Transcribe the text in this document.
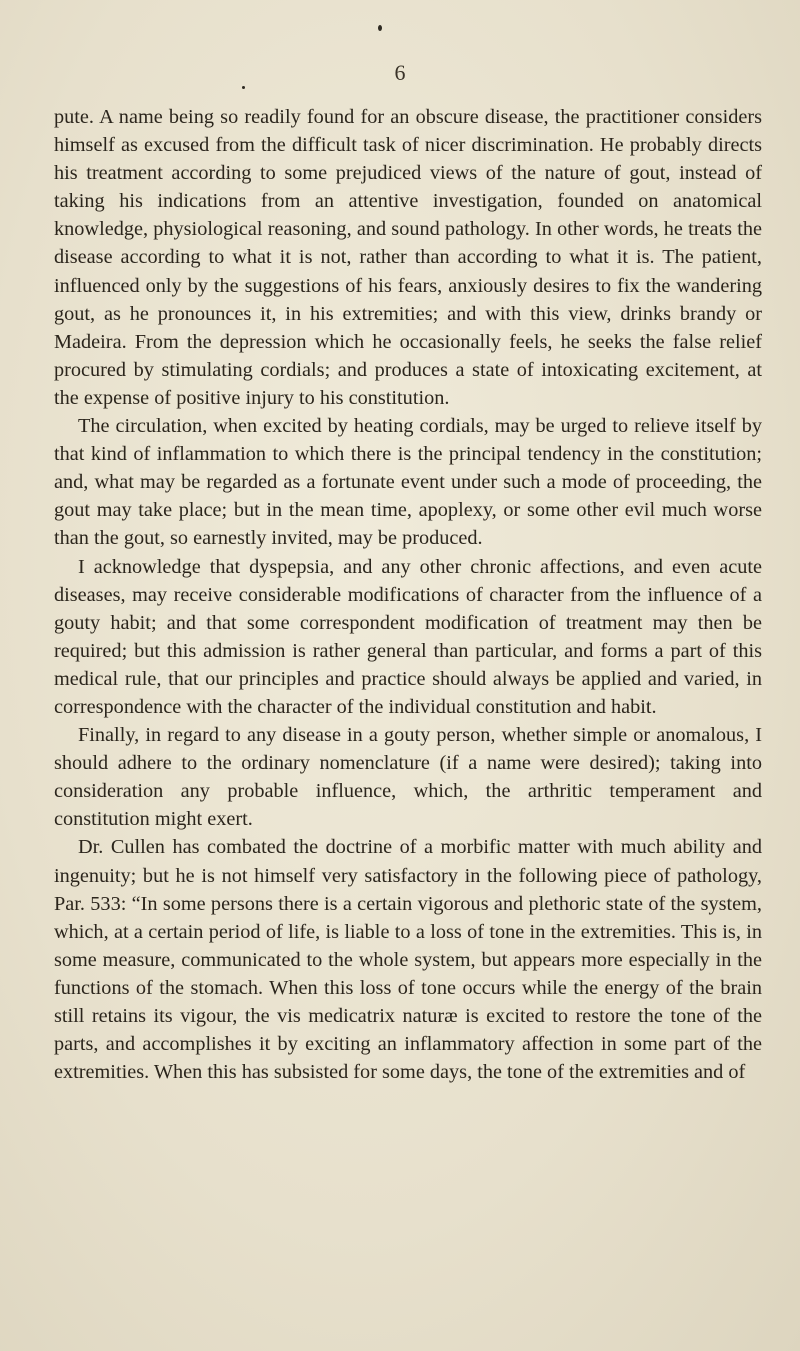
6

pute. A name being so readily found for an obscure disease, the practitioner considers himself as excused from the difficult task of nicer discrimination. He probably directs his treatment according to some prejudiced views of the nature of gout, instead of taking his indications from an attentive investigation, founded on anatomical knowledge, physiological reasoning, and sound pathology. In other words, he treats the disease according to what it is not, rather than according to what it is. The patient, influenced only by the suggestions of his fears, anxiously desires to fix the wandering gout, as he pronounces it, in his extremities; and with this view, drinks brandy or Madeira. From the depression which he occasionally feels, he seeks the false relief procured by stimulating cordials; and produces a state of intoxicating excitement, at the expense of positive injury to his constitution.

The circulation, when excited by heating cordials, may be urged to relieve itself by that kind of inflammation to which there is the principal tendency in the constitution; and, what may be regarded as a fortunate event under such a mode of proceeding, the gout may take place; but in the mean time, apoplexy, or some other evil much worse than the gout, so earnestly invited, may be produced.

I acknowledge that dyspepsia, and any other chronic affections, and even acute diseases, may receive considerable modifications of character from the influence of a gouty habit; and that some correspondent modification of treatment may then be required; but this admission is rather general than particular, and forms a part of this medical rule, that our principles and practice should always be applied and varied, in correspondence with the character of the individual constitution and habit.

Finally, in regard to any disease in a gouty person, whether simple or anomalous, I should adhere to the ordinary nomenclature (if a name were desired); taking into consideration any probable influence, which, the arthritic temperament and constitution might exert.

Dr. Cullen has combated the doctrine of a morbific matter with much ability and ingenuity; but he is not himself very satisfactory in the following piece of pathology, Par. 533: “In some persons there is a certain vigorous and plethoric state of the system, which, at a certain period of life, is liable to a loss of tone in the extremities. This is, in some measure, communicated to the whole system, but appears more especially in the functions of the stomach. When this loss of tone occurs while the energy of the brain still retains its vigour, the vis medicatrix naturæ is excited to restore the tone of the parts, and accomplishes it by exciting an inflammatory affection in some part of the extremities. When this has subsisted for some days, the tone of the extremities and of
